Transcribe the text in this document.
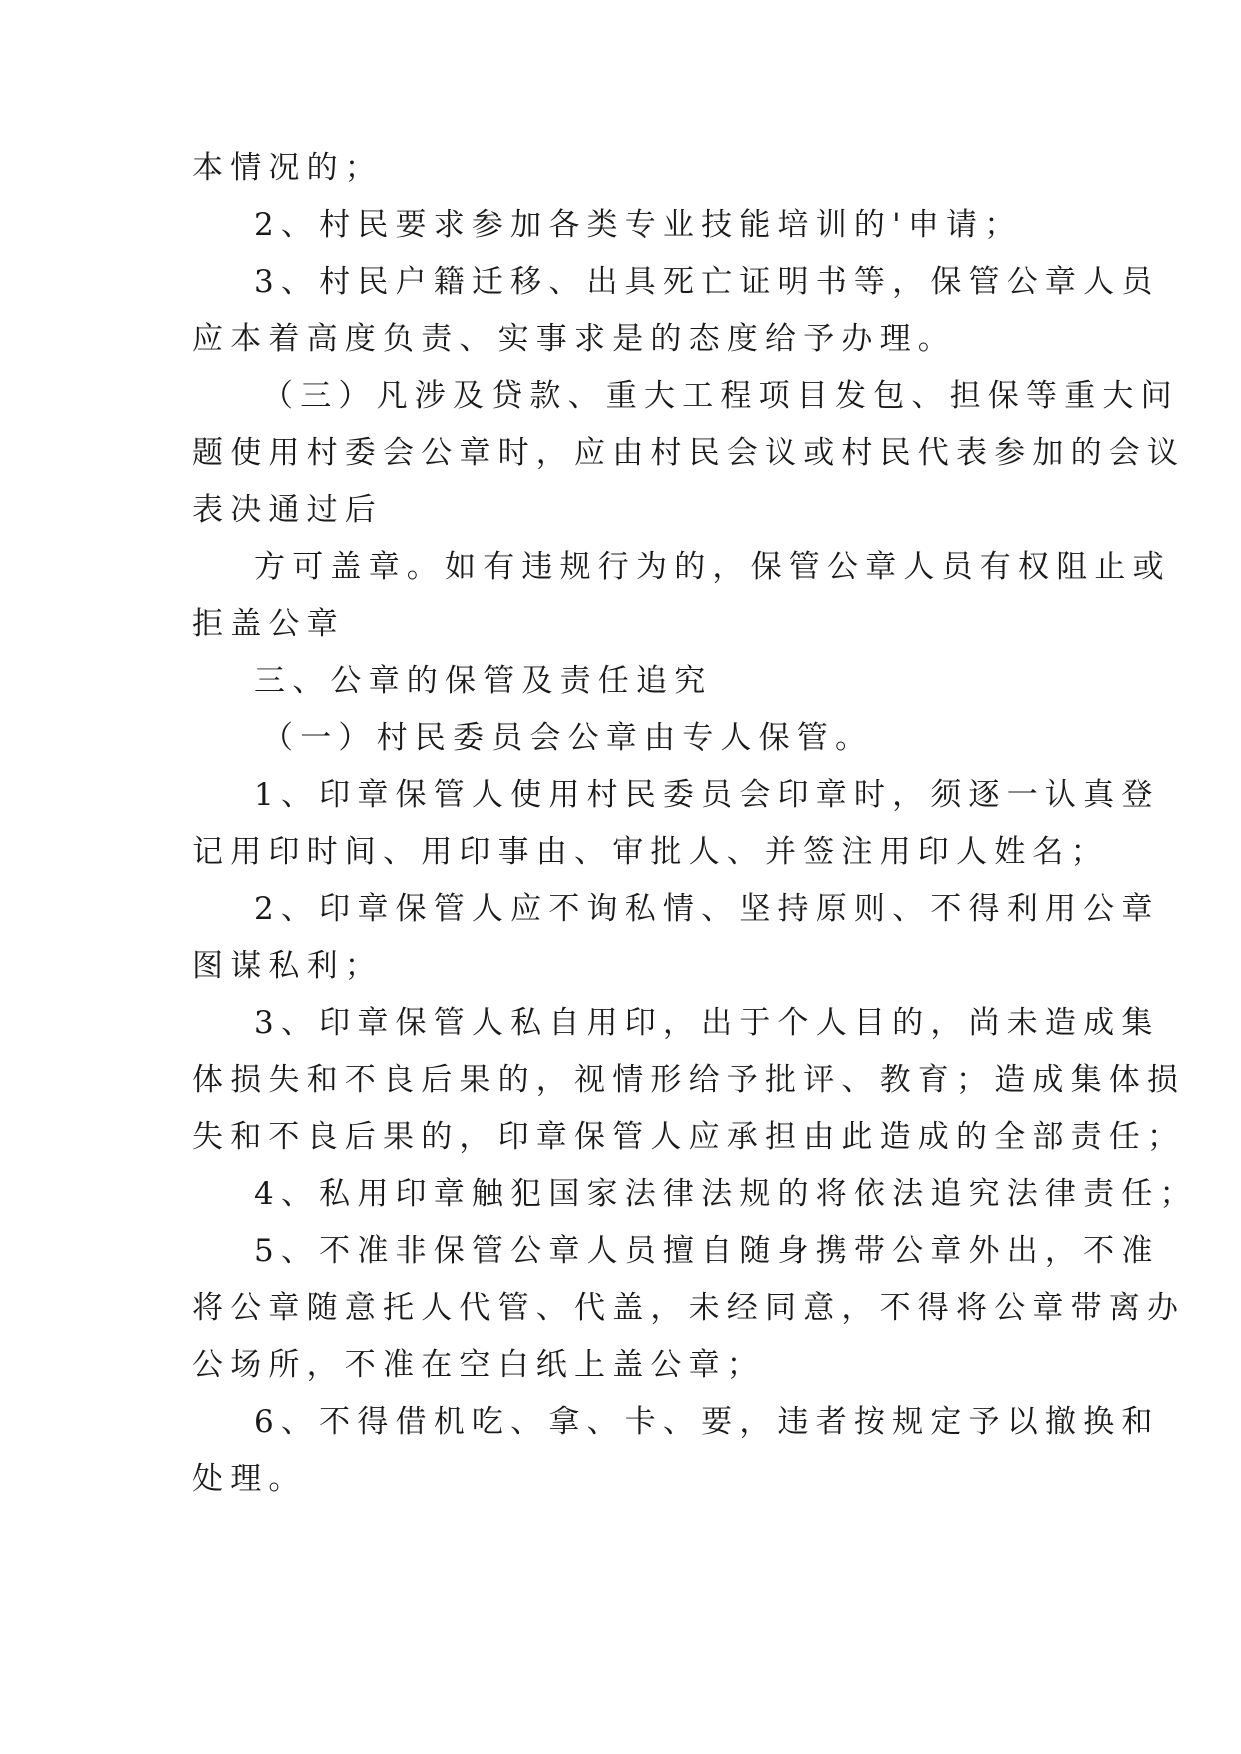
本情况的；
2、村民要求参加各类专业技能培训的'申请；
3、村民户籍迁移、出具死亡证明书等，保管公章人员
应本着高度负责、实事求是的态度给予办理。
（三）凡涉及贷款、重大工程项目发包、担保等重大问
题使用村委会公章时，应由村民会议或村民代表参加的会议
表决通过后
方可盖章。如有违规行为的，保管公章人员有权阻止或
拒盖公章
三、公章的保管及责任追究
（一）村民委员会公章由专人保管。
1、印章保管人使用村民委员会印章时，须逐一认真登
记用印时间、用印事由、审批人、并签注用印人姓名；
2、印章保管人应不询私情、坚持原则、不得利用公章
图谋私利；
3、印章保管人私自用印，出于个人目的，尚未造成集
体损失和不良后果的，视情形给予批评、教育；造成集体损
失和不良后果的，印章保管人应承担由此造成的全部责任；
4、私用印章触犯国家法律法规的将依法追究法律责任；
5、不准非保管公章人员擅自随身携带公章外出，不准
将公章随意托人代管、代盖，未经同意，不得将公章带离办
公场所，不准在空白纸上盖公章；
6、不得借机吃、拿、卡、要，违者按规定予以撤换和
处理。
